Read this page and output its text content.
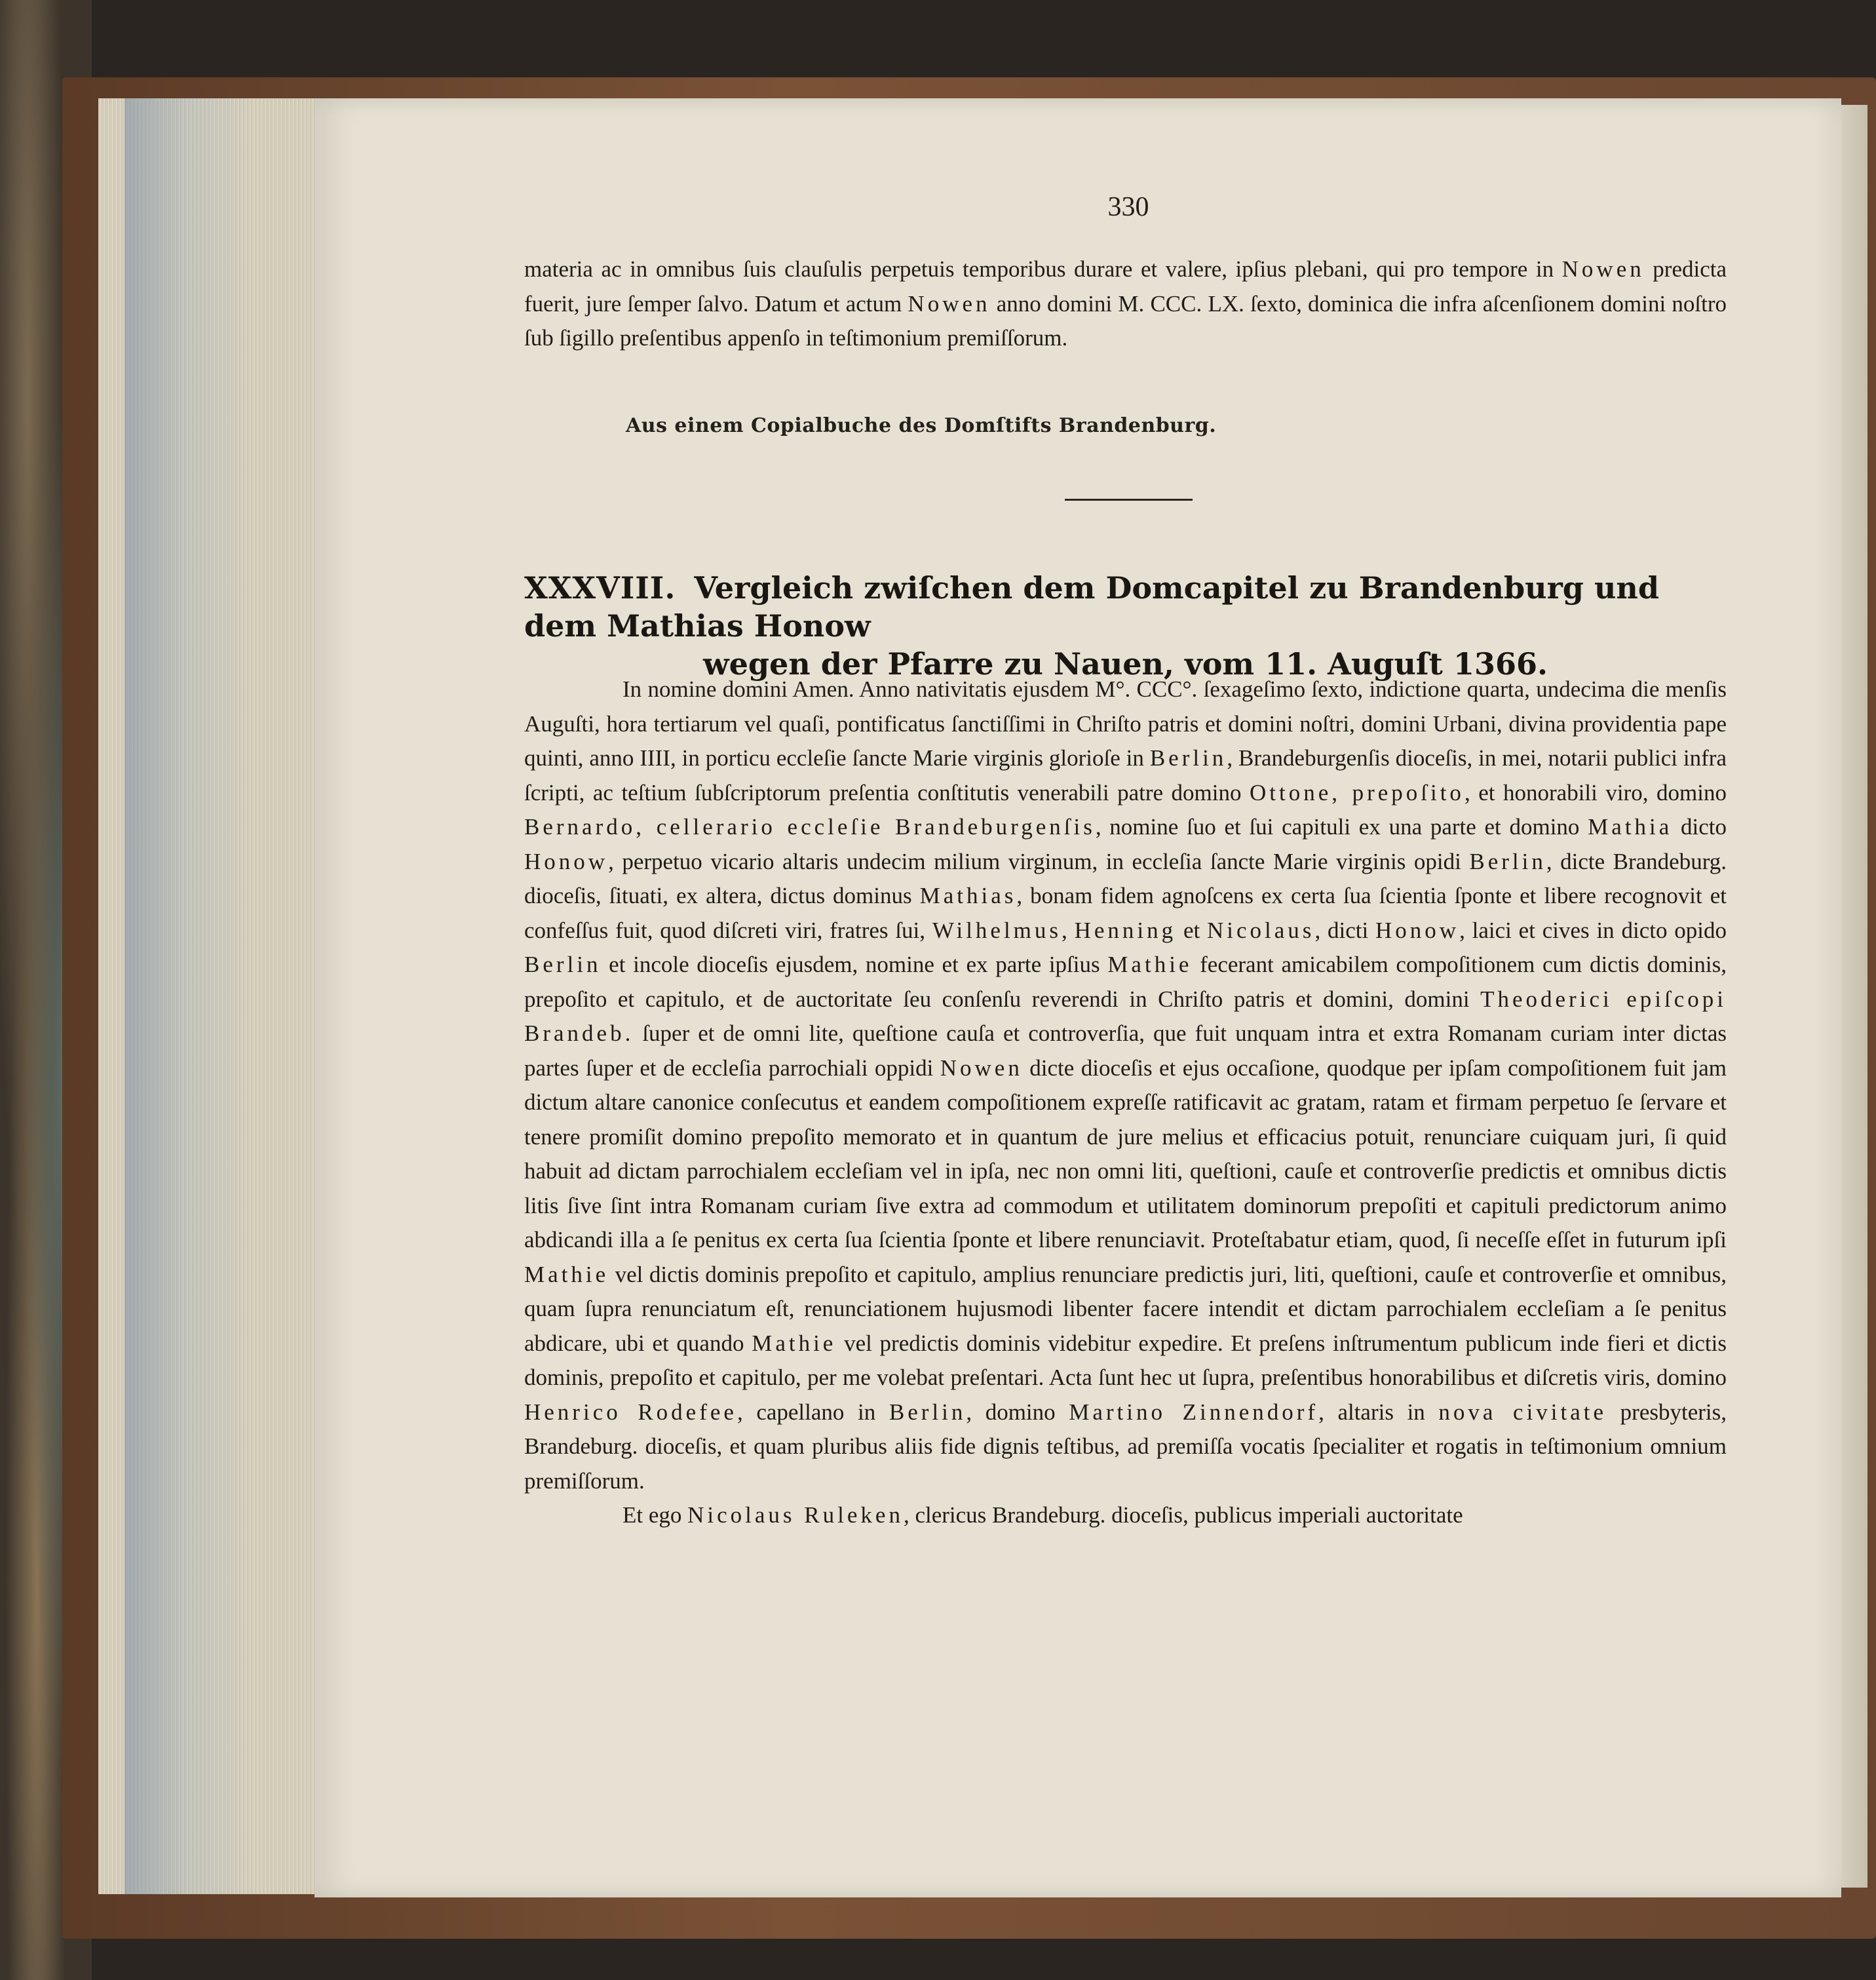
330
materia ac in omnibus ſuis clauſulis perpetuis temporibus durare et valere, ipſius plebani, qui pro tempore in Nowen predicta fuerit, jure ſemper ſalvo. Datum et actum Nowen anno domini M. CCC. LX. ſexto, dominica die infra aſcenſionem domini noſtro ſub ſigillo preſentibus appenſo in teſtimonium premiſſorum.
Aus einem Copialbuche des Domſtifts Brandenburg.
XXXVIII. Vergleich zwiſchen dem Domcapitel zu Brandenburg und dem Mathias Honow
wegen der Pfarre zu Nauen, vom 11. Auguſt 1366.

In nomine domini Amen. Anno nativitatis ejusdem M°. CCC°. ſexageſimo ſexto, indictione quarta, undecima die menſis Auguſti, hora tertiarum vel quaſi, pontificatus ſanctiſſimi in Chriſto patris et domini noſtri, domini Urbani, divina providentia pape quinti, anno IIII, in porticu eccleſie ſancte Marie virginis glorioſe in Berlin, Brandeburgenſis dioceſis, in mei, notarii publici infra ſcripti, ac teſtium ſubſcriptorum preſentia conſtitutis venerabili patre domino Ottone, prepoſito, et honorabili viro, domino Bernardo, cellerario eccleſie Brandeburgenſis, nomine ſuo et ſui capituli ex una parte et domino Mathia dicto Honow, perpetuo vicario altaris undecim milium virginum, in eccleſia ſancte Marie virginis opidi Berlin, dicte Brandeburg. dioceſis, ſituati, ex altera, dictus dominus Mathias, bonam fidem agnoſcens ex certa ſua ſcientia ſponte et libere recognovit et confeſſus fuit, quod diſcreti viri, fratres ſui, Wilhelmus, Henning et Nicolaus, dicti Honow, laici et cives in dicto opido Berlin et incole dioceſis ejusdem, nomine et ex parte ipſius Mathie fecerant amicabilem compoſitionem cum dictis dominis, prepoſito et capitulo, et de auctoritate ſeu conſenſu reverendi in Chriſto patris et domini, domini Theoderici epiſcopi Brandeb. ſuper et de omni lite, queſtione cauſa et controverſia, que fuit unquam intra et extra Romanam curiam inter dictas partes ſuper et de eccleſia parrochiali oppidi Nowen dicte dioceſis et ejus occaſione, quodque per ipſam compoſitionem fuit jam dictum altare canonice conſecutus et eandem compoſitionem expreſſe ratificavit ac gratam, ratam et firmam perpetuo ſe ſervare et tenere promiſit domino prepoſito memorato et in quantum de jure melius et efficacius potuit, renunciare cuiquam juri, ſi quid habuit ad dictam parrochialem eccleſiam vel in ipſa, nec non omni liti, queſtioni, cauſe et controverſie predictis et omnibus dictis litis ſive ſint intra Romanam curiam ſive extra ad commodum et utilitatem dominorum prepoſiti et capituli predictorum animo abdicandi illa a ſe penitus ex certa ſua ſcientia ſponte et libere renunciavit. Proteſtabatur etiam, quod, ſi neceſſe eſſet in futurum ipſi Mathie vel dictis dominis prepoſito et capitulo, amplius renunciare predictis juri, liti, queſtioni, cauſe et controverſie et omnibus, quam ſupra renunciatum eſt, renunciationem hujusmodi libenter facere intendit et dictam parrochialem eccleſiam a ſe penitus abdicare, ubi et quando Mathie vel predictis dominis videbitur expedire. Et preſens inſtrumentum publicum inde fieri et dictis dominis, prepoſito et capitulo, per me volebat preſentari. Acta ſunt hec ut ſupra, preſentibus honorabilibus et diſcretis viris, domino Henrico Rodefee, capellano in Berlin, domino Martino Zinnendorf, altaris in nova civitate presbyteris, Brandeburg. dioceſis, et quam pluribus aliis fide dignis teſtibus, ad premiſſa vocatis ſpecialiter et rogatis in teſtimonium omnium premiſſorum.

Et ego Nicolaus Ruleken, clericus Brandeburg. dioceſis, publicus imperiali auctoritate
